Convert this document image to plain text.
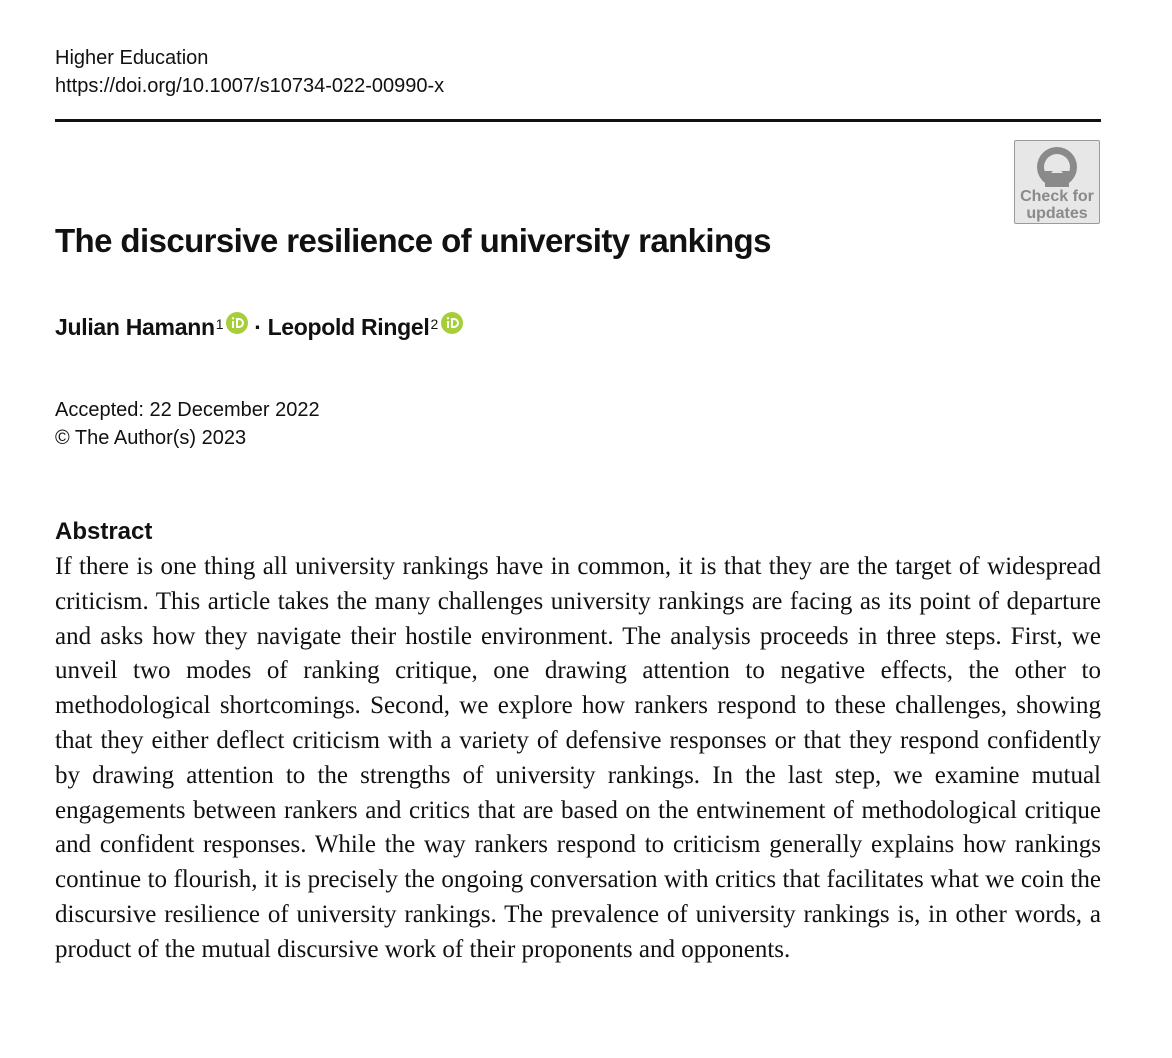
Higher Education
https://doi.org/10.1007/s10734-022-00990-x
Check for
updates
The discursive resilience of university rankings
Julian Hamann$^1$ · Leopold Ringel$^2$
Accepted: 22 December 2022
© The Author(s) 2023
Abstract
If there is one thing all university rankings have in common, it is that they are the target of widespread criticism. This article takes the many challenges university rankings are facing as its point of departure and asks how they navigate their hostile environment. The analysis proceeds in three steps. First, we unveil two modes of ranking critique, one drawing attention to negative effects, the other to methodological shortcomings. Second, we explore how rankers respond to these challenges, showing that they either deflect criticism with a variety of defensive responses or that they respond confidently by drawing attention to the strengths of university rankings. In the last step, we examine mutual engagements between rankers and critics that are based on the entwinement of methodological critique and confident responses. While the way rankers respond to criticism generally explains how rankings continue to flourish, it is precisely the ongoing conversation with critics that facilitates what we coin the discursive resilience of university rankings. The prevalence of university rankings is, in other words, a product of the mutual discursive work of their proponents and opponents.
